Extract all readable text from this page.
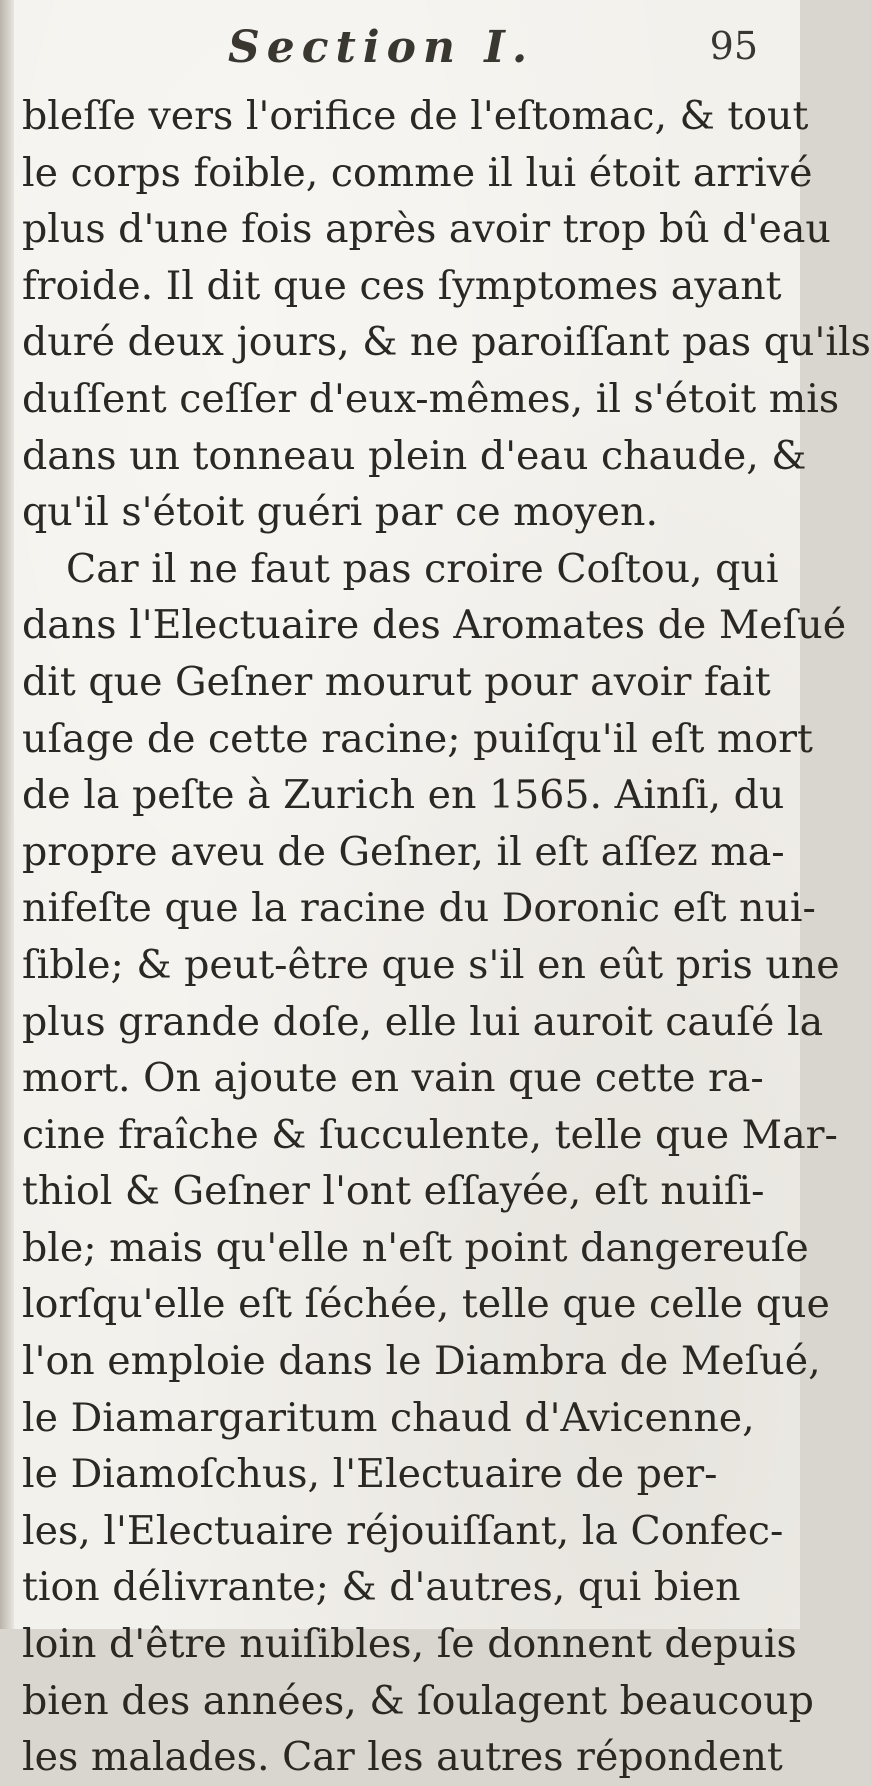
Section I.	95
bleſſe vers l'orifice de l'eſtomac, & tout
le corps foible, comme il lui étoit arrivé
plus d'une fois après avoir trop bû d'eau
froide. Il dit que ces ſymptomes ayant
duré deux jours, & ne paroiſſant pas qu'ils
duſſent ceſſer d'eux-mêmes, il s'étoit mis
dans un tonneau plein d'eau chaude, &
qu'il s'étoit guéri par ce moyen.
Car il ne faut pas croire Coſtou, qui
dans l'Electuaire des Aromates de Meſué
dit que Geſner mourut pour avoir fait
uſage de cette racine; puiſqu'il eſt mort
de la peſte à Zurich en 1565. Ainſi, du
propre aveu de Geſner, il eſt aſſez ma-
nifeſte que la racine du Doronic eſt nui-
ſible; & peut-être que s'il en eût pris une
plus grande doſe, elle lui auroit cauſé la
mort. On ajoute en vain que cette ra-
cine fraîche & ſucculente, telle que Mar-
thiol & Geſner l'ont eſſayée, eſt nuiſi-
ble; mais qu'elle n'eſt point dangereuſe
lorſqu'elle eſt ſéchée, telle que celle que
l'on emploie dans le Diambra de Meſué,
le Diamargaritum chaud d'Avicenne,
le Diamoſchus, l'Electuaire de per-
les, l'Electuaire réjouiſſant, la Confec-
tion délivrante; & d'autres, qui bien
loin d'être nuiſibles, ſe donnent depuis
bien des années, & ſoulagent beaucoup
les malades. Car les autres répondent
